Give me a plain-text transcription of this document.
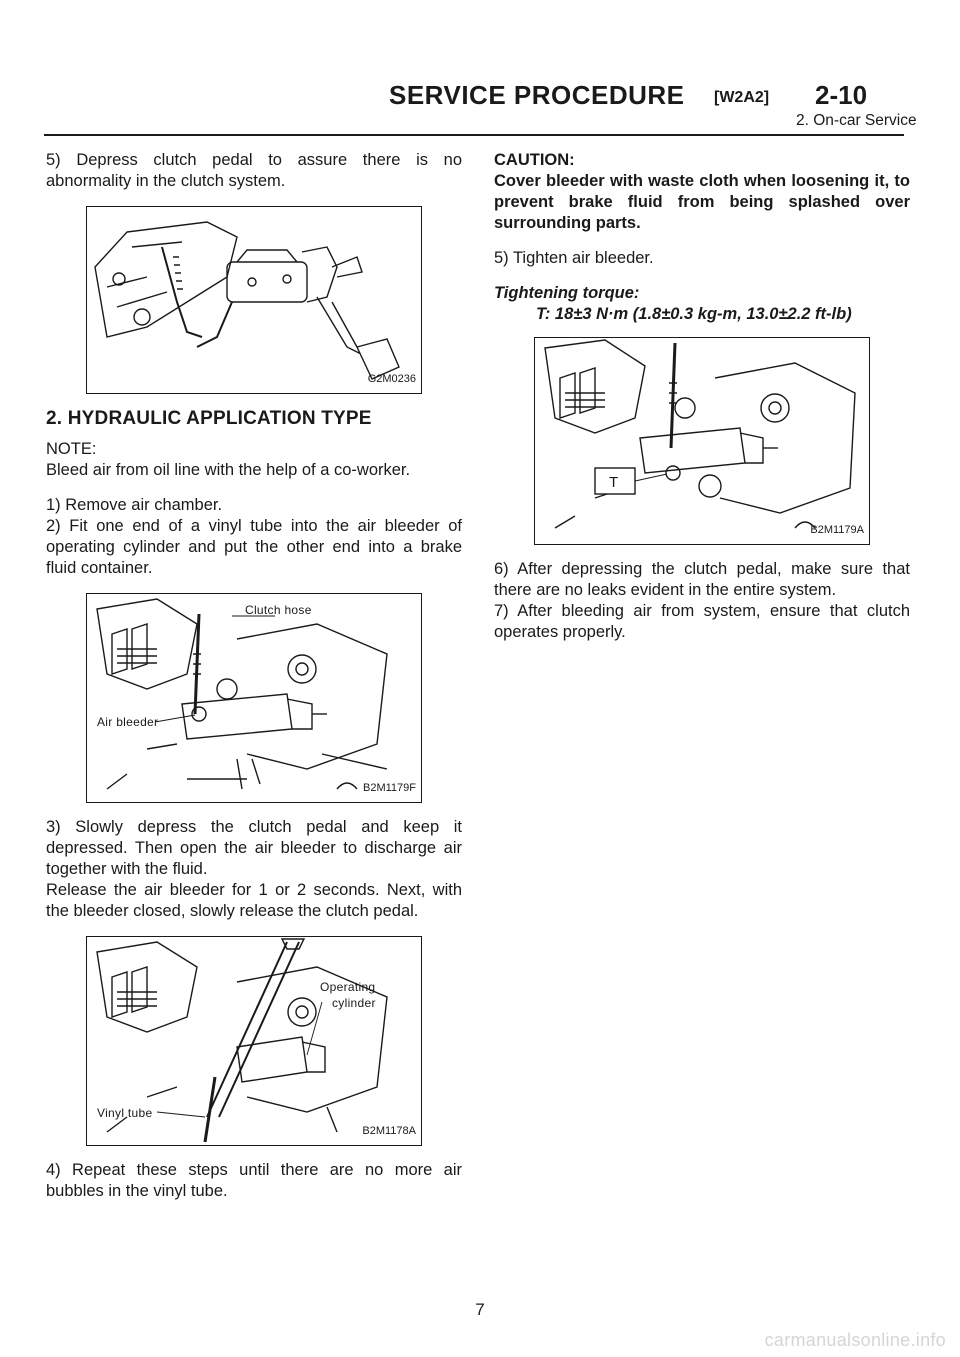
SERVICE PROCEDURE [W2A2] 2-10
2. On-car Service

5) Depress clutch pedal to assure there is no abnormality in the clutch system.

G2M0236
2. HYDRAULIC APPLICATION TYPE

NOTE:

Bleed air from oil line with the help of a co-worker.

1) Remove air chamber.

2) Fit one end of a vinyl tube into the air bleeder of operating cylinder and put the other end into a brake fluid container.

Clutch hose
Air bleeder
B2M1179F

3) Slowly depress the clutch pedal and keep it depressed. Then open the air bleeder to discharge air together with the fluid.

Release the air bleeder for 1 or 2 seconds. Next, with the bleeder closed, slowly release the clutch pedal.

Operating
cylinder
Vinyl tube
B2M1178A

4) Repeat these steps until there are no more air bubbles in the vinyl tube.

CAUTION:

Cover bleeder with waste cloth when loosening it, to prevent brake fluid from being splashed over surrounding parts.

5) Tighten air bleeder.

Tightening torque:

T: 18±3 N·m (1.8±0.3 kg-m, 13.0±2.2 ft-lb)

T
B2M1179A

6) After depressing the clutch pedal, make sure that there are no leaks evident in the entire system.

7) After bleeding air from system, ensure that clutch operates properly.

7
carmanualsonline.info
